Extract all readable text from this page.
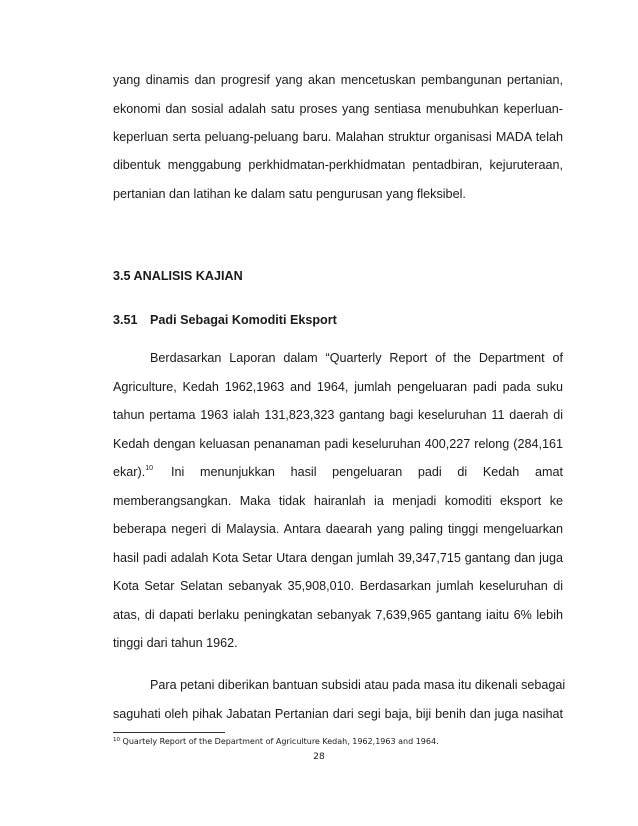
yang dinamis dan progresif yang akan mencetuskan pembangunan pertanian,
ekonomi dan sosial adalah satu proses yang sentiasa menubuhkan keperluan-
keperluan serta peluang-peluang baru. Malahan struktur organisasi MADA telah
dibentuk menggabung perkhidmatan-perkhidmatan pentadbiran, kejuruteraan,
pertanian dan latihan ke dalam satu pengurusan yang fleksibel.
3.5 ANALISIS KAJIAN
3.51 Padi Sebagai Komoditi Eksport
Berdasarkan Laporan dalam “Quarterly Report of the Department of
Agriculture, Kedah 1962,1963 and 1964, jumlah pengeluaran padi pada suku
tahun pertama 1963 ialah 131,823,323 gantang bagi keseluruhan 11 daerah di
Kedah dengan keluasan penanaman padi keseluruhan 400,227 relong (284,161
ekar).$^{10}$	Ini menunjukkan hasil pengeluaran padi di Kedah amat
memberangsangkan. Maka tidak hairanlah ia menjadi komoditi eksport ke
beberapa negeri di Malaysia. Antara daearah yang paling tinggi mengeluarkan
hasil padi adalah Kota Setar Utara dengan jumlah 39,347,715 gantang dan juga
Kota Setar Selatan sebanyak 35,908,010. Berdasarkan jumlah keseluruhan di
atas, di dapati berlaku peningkatan sebanyak 7,639,965 gantang iaitu 6% lebih
tinggi dari tahun 1962.
Para petani diberikan bantuan subsidi atau pada masa itu dikenali sebagai
saguhati oleh pihak Jabatan Pertanian dari segi baja, biji benih dan juga nasihat
$^{10}$ Quartely Report of the Department of Agriculture Kedah, 1962,1963 and 1964.
28
